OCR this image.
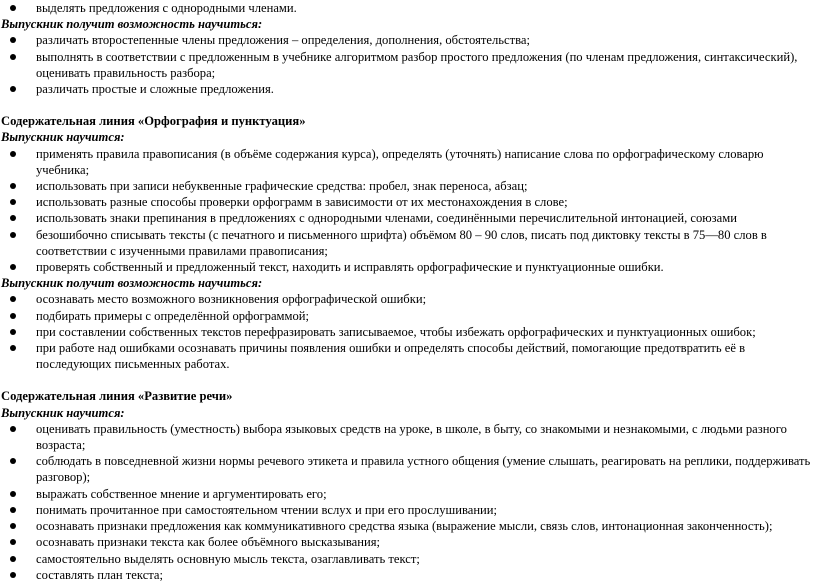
выделять предложения с однородными членами.
Выпускник получит возможность научиться:
различать второстепенные члены предложения – определения, дополнения, обстоятельства;
выполнять в соответствии с предложенным в учебнике алгоритмом разбор простого предложения (по членам предложения, синтаксический), оценивать правильность разбора;
различать простые и сложные предложения.
Содержательная линия «Орфография и пунктуация»
Выпускник научится:
применять правила правописания (в объёме содержания курса), определять (уточнять) написание слова по орфографическому словарю учебника;
использовать при записи небуквенные графические средства: пробел, знак переноса, абзац;
использовать разные способы проверки орфограмм в зависимости от их местонахождения в слове;
использовать знаки препинания в предложениях с однородными членами, соединёнными перечислительной интонацией, союзами
безошибочно списывать тексты (с печатного и письменного шрифта) объёмом 80 – 90 слов, писать под диктовку тексты в 75—80 слов в соответствии с изученными правилами правописания;
проверять собственный и предложенный текст, находить и исправлять орфографические и пунктуационные ошибки.
Выпускник получит возможность научиться:
осознавать место возможного возникновения орфографической ошибки;
подбирать примеры с определённой орфограммой;
при составлении собственных текстов перефразировать записываемое, чтобы избежать орфографических и пунктуационных ошибок;
при работе над ошибками осознавать причины появления ошибки и определять способы действий, помогающие предотвратить её в последующих письменных работах.
Содержательная линия «Развитие речи»
Выпускник научится:
оценивать правильность (уместность) выбора языковых средств на уроке, в школе, в быту, со знакомыми и незнакомыми, с людьми разного возраста;
соблюдать в повседневной жизни нормы речевого этикета и правила устного общения (умение слышать, реагировать на реплики, поддерживать разговор);
выражать собственное мнение и аргументировать его;
понимать прочитанное при самостоятельном чтении вслух и при его прослушивании;
осознавать признаки предложения как коммуникативного средства языка (выражение мысли, связь слов, интонационная законченность);
осознавать признаки текста как более объёмного высказывания;
самостоятельно выделять основную мысль текста, озаглавливать текст;
составлять план текста;
